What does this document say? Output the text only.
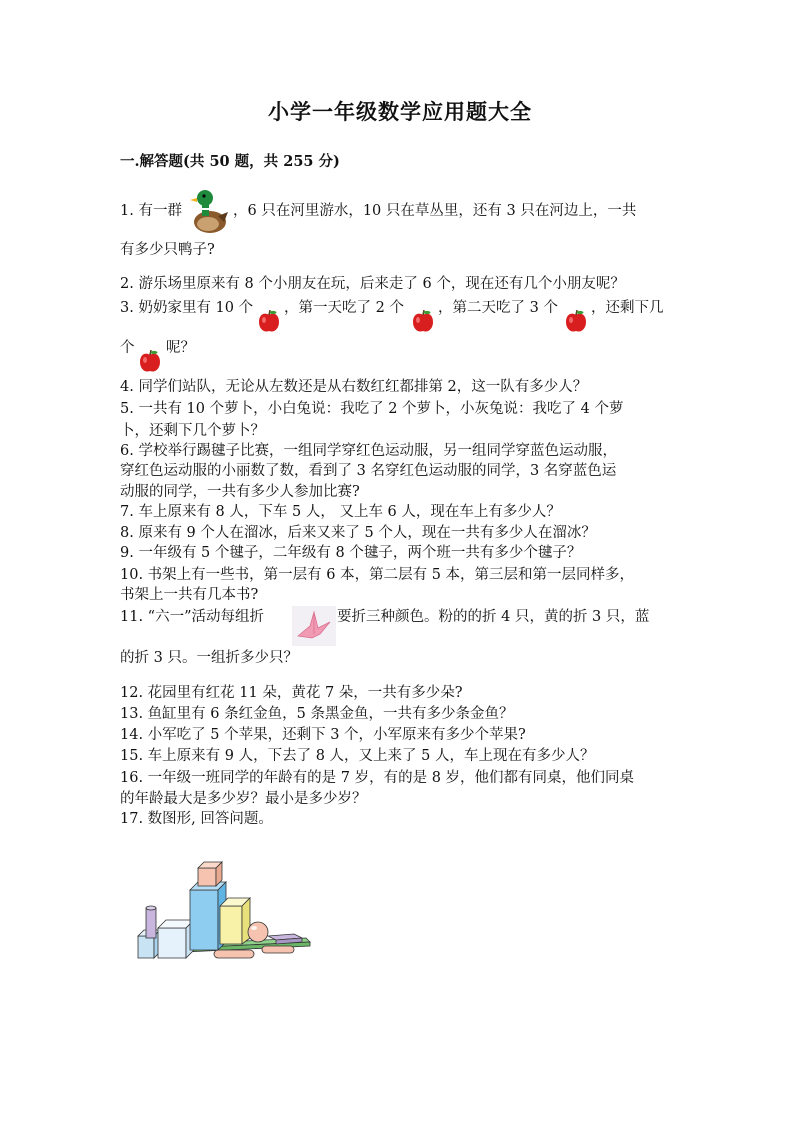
小学一年级数学应用题大全
一.解答题(共 50 题，共 255 分)
1. 有一群	，6 只在河里游水，10 只在草丛里，还有 3 只在河边上，一共
有多少只鸭子?
2. 游乐场里原来有 8 个小朋友在玩，后来走了 6 个，现在还有几个小朋友呢？
3. 奶奶家里有 10 个 ，第一天吃了 2 个 ，第二天吃了 3 个 ，还剩下几
个 呢？
4. 同学们站队，无论从左数还是从右数红红都排第 2，这一队有多少人？
5. 一共有 10 个萝卜，小白兔说：我吃了 2 个萝卜，小灰兔说：我吃了 4 个萝
卜，还剩下几个萝卜？
6. 学校举行踢毽子比赛，一组同学穿红色运动服，另一组同学穿蓝色运动服，
穿红色运动服的小丽数了数，看到了 3 名穿红色运动服的同学，3 名穿蓝色运
动服的同学，一共有多少人参加比赛?
7. 车上原来有 8 人，下车 5 人， 又上车 6 人，现在车上有多少人？
8. 原来有 9 个人在溜冰，后来又来了 5 个人，现在一共有多少人在溜冰？
9. 一年级有 5 个毽子，二年级有 8 个毽子，两个班一共有多少个毽子？
10. 书架上有一些书，第一层有 6 本，第二层有 5 本，第三层和第一层同样多，
书架上一共有几本书?
11. “六一”活动每组折	要折三种颜色。粉的的折 4 只，黄的折 3 只，蓝
的折 3 只。一组折多少只？
12. 花园里有红花 11 朵，黄花 7 朵，一共有多少朵?
13. 鱼缸里有 6 条红金鱼，5 条黑金鱼，一共有多少条金鱼？
14. 小军吃了 5 个苹果，还剩下 3 个，小军原来有多少个苹果?
15. 车上原来有 9 人，下去了 8 人，又上来了 5 人，车上现在有多少人？
16. 一年级一班同学的年龄有的是 7 岁，有的是 8 岁，他们都有同桌，他们同桌
的年龄最大是多少岁？最小是多少岁？
17. 数图形, 回答问题。
